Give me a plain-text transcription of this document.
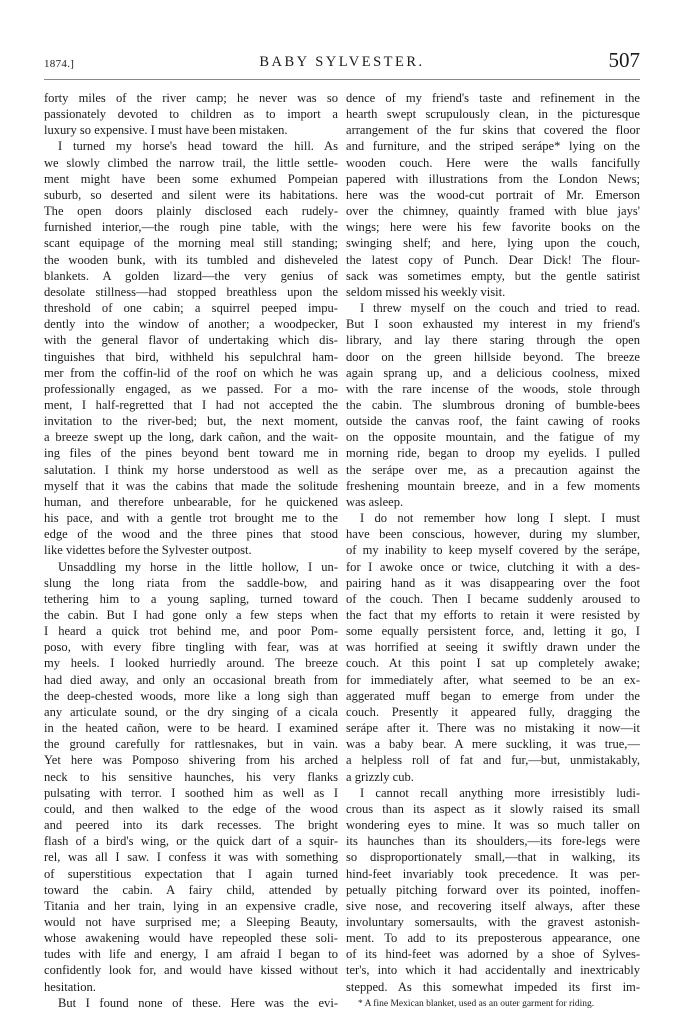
1874.]	BABY SYLVESTER.	507
forty miles of the river camp; he never was so
passionately devoted to children as to import a
luxury so expensive. I must have been mistaken.
I turned my horse's head toward the hill. As
we slowly climbed the narrow trail, the little settle-
ment might have been some exhumed Pompeian
suburb, so deserted and silent were its habitations.
The open doors plainly disclosed each rudely-
furnished interior,—the rough pine table, with the
scant equipage of the morning meal still standing;
the wooden bunk, with its tumbled and disheveled
blankets. A golden lizard—the very genius of
desolate stillness—had stopped breathless upon the
threshold of one cabin; a squirrel peeped impu-
dently into the window of another; a woodpecker,
with the general flavor of undertaking which dis-
tinguishes that bird, withheld his sepulchral ham-
mer from the coffin-lid of the roof on which he was
professionally engaged, as we passed. For a mo-
ment, I half-regretted that I had not accepted the
invitation to the river-bed; but, the next moment,
a breeze swept up the long, dark cañon, and the wait-
ing files of the pines beyond bent toward me in
salutation. I think my horse understood as well as
myself that it was the cabins that made the solitude
human, and therefore unbearable, for he quickened
his pace, and with a gentle trot brought me to the
edge of the wood and the three pines that stood
like videttes before the Sylvester outpost.
Unsaddling my horse in the little hollow, I un-
slung the long riata from the saddle-bow, and
tethering him to a young sapling, turned toward
the cabin. But I had gone only a few steps when
I heard a quick trot behind me, and poor Pom-
poso, with every fibre tingling with fear, was at
my heels. I looked hurriedly around. The breeze
had died away, and only an occasional breath from
the deep-chested woods, more like a long sigh than
any articulate sound, or the dry singing of a cicala
in the heated cañon, were to be heard. I examined
the ground carefully for rattlesnakes, but in vain.
Yet here was Pomposo shivering from his arched
neck to his sensitive haunches, his very flanks
pulsating with terror. I soothed him as well as I
could, and then walked to the edge of the wood
and peered into its dark recesses. The bright
flash of a bird's wing, or the quick dart of a squir-
rel, was all I saw. I confess it was with something
of superstitious expectation that I again turned
toward the cabin. A fairy child, attended by
Titania and her train, lying in an expensive cradle,
would not have surprised me; a Sleeping Beauty,
whose awakening would have repeopled these soli-
tudes with life and energy, I am afraid I began to
confidently look for, and would have kissed without
hesitation.
But I found none of these. Here was the evi-
dence of my friend's taste and refinement in the
hearth swept scrupulously clean, in the picturesque
arrangement of the fur skins that covered the floor
and furniture, and the striped serápe* lying on the
wooden couch. Here were the walls fancifully
papered with illustrations from the London News;
here was the wood-cut portrait of Mr. Emerson
over the chimney, quaintly framed with blue jays'
wings; here were his few favorite books on the
swinging shelf; and here, lying upon the couch,
the latest copy of Punch. Dear Dick! The flour-
sack was sometimes empty, but the gentle satirist
seldom missed his weekly visit.
I threw myself on the couch and tried to read.
But I soon exhausted my interest in my friend's
library, and lay there staring through the open
door on the green hillside beyond. The breeze
again sprang up, and a delicious coolness, mixed
with the rare incense of the woods, stole through
the cabin. The slumbrous droning of bumble-bees
outside the canvas roof, the faint cawing of rooks
on the opposite mountain, and the fatigue of my
morning ride, began to droop my eyelids. I pulled
the serápe over me, as a precaution against the
freshening mountain breeze, and in a few moments
was asleep.
I do not remember how long I slept. I must
have been conscious, however, during my slumber,
of my inability to keep myself covered by the serápe,
for I awoke once or twice, clutching it with a des-
pairing hand as it was disappearing over the foot
of the couch. Then I became suddenly aroused to
the fact that my efforts to retain it were resisted by
some equally persistent force, and, letting it go, I
was horrified at seeing it swiftly drawn under the
couch. At this point I sat up completely awake;
for immediately after, what seemed to be an ex-
aggerated muff began to emerge from under the
couch. Presently it appeared fully, dragging the
serápe after it. There was no mistaking it now—it
was a baby bear. A mere suckling, it was true,—
a helpless roll of fat and fur,—but, unmistakably,
a grizzly cub.
I cannot recall anything more irresistibly ludi-
crous than its aspect as it slowly raised its small
wondering eyes to mine. It was so much taller on
its haunches than its shoulders,—its fore-legs were
so disproportionately small,—that in walking, its
hind-feet invariably took precedence. It was per-
petually pitching forward over its pointed, inoffen-
sive nose, and recovering itself always, after these
involuntary somersaults, with the gravest astonish-
ment. To add to its preposterous appearance, one
of its hind-feet was adorned by a shoe of Sylves-
ter's, into which it had accidentally and inextricably
stepped. As this somewhat impeded its first im-
* A fine Mexican blanket, used as an outer garment for riding.
